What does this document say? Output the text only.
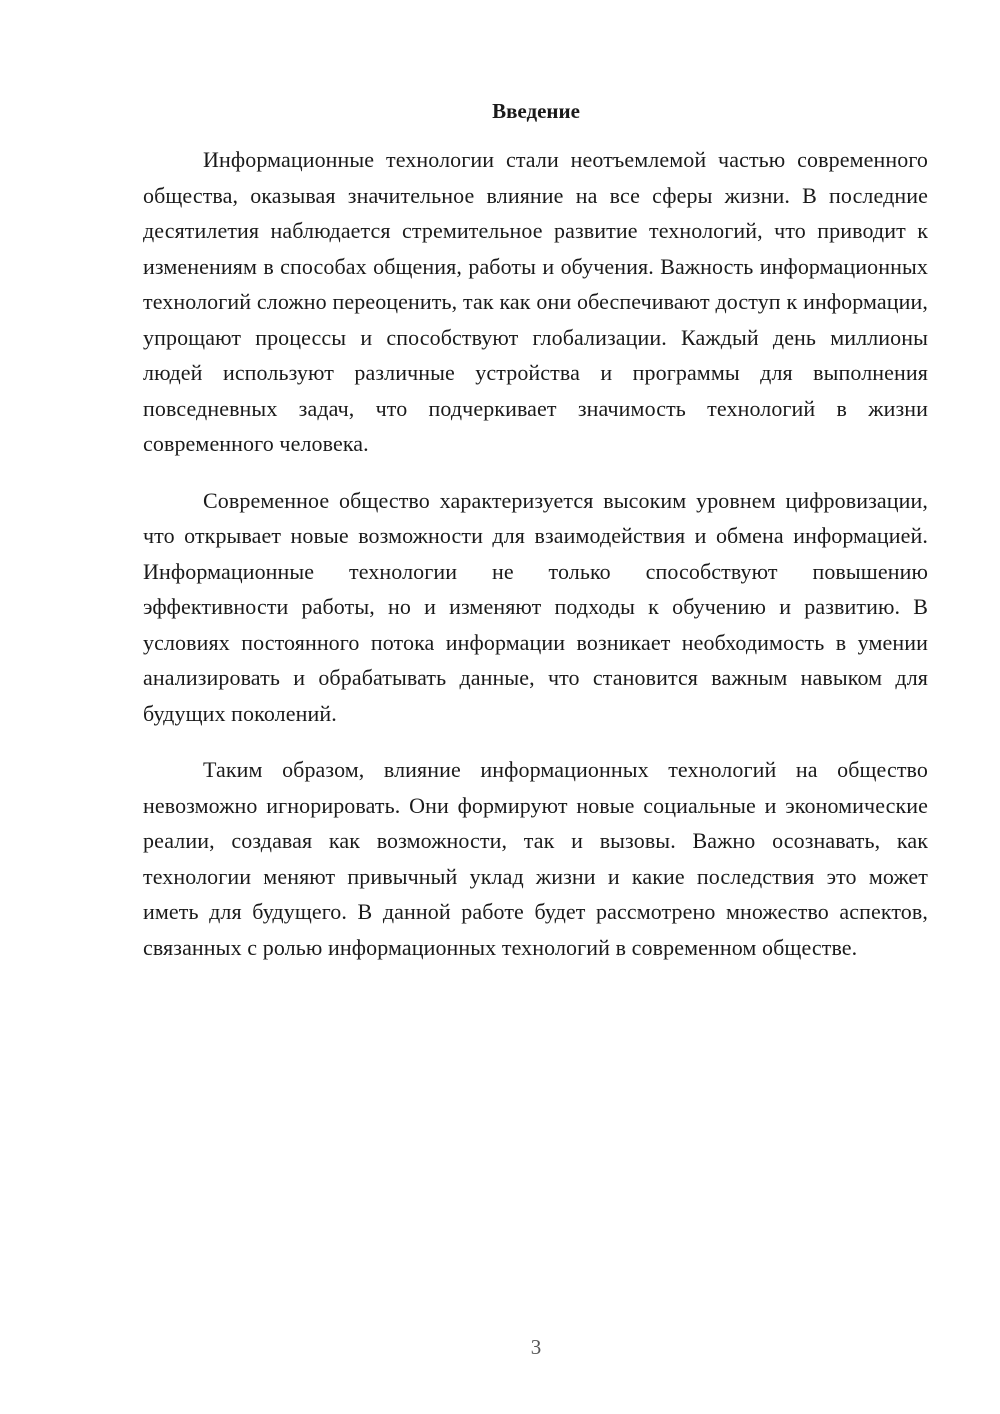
Введение

Информационные технологии стали неотъемлемой частью современного общества, оказывая значительное влияние на все сферы жизни. В последние десятилетия наблюдается стремительное развитие технологий, что приводит к изменениям в способах общения, работы и обучения. Важность информационных технологий сложно переоценить, так как они обеспечивают доступ к информации, упрощают процессы и способствуют глобализации. Каждый день миллионы людей используют различные устройства и программы для выполнения повседневных задач, что подчеркивает значимость технологий в жизни современного человека.

Современное общество характеризуется высоким уровнем цифровизации, что открывает новые возможности для взаимодействия и обмена информацией. Информационные технологии не только способствуют повышению эффективности работы, но и изменяют подходы к обучению и развитию. В условиях постоянного потока информации возникает необходимость в умении анализировать и обрабатывать данные, что становится важным навыком для будущих поколений.

Таким образом, влияние информационных технологий на общество невозможно игнорировать. Они формируют новые социальные и экономические реалии, создавая как возможности, так и вызовы. Важно осознавать, как технологии меняют привычный уклад жизни и какие последствия это может иметь для будущего. В данной работе будет рассмотрено множество аспектов, связанных с ролью информационных технологий в современном обществе.

3
